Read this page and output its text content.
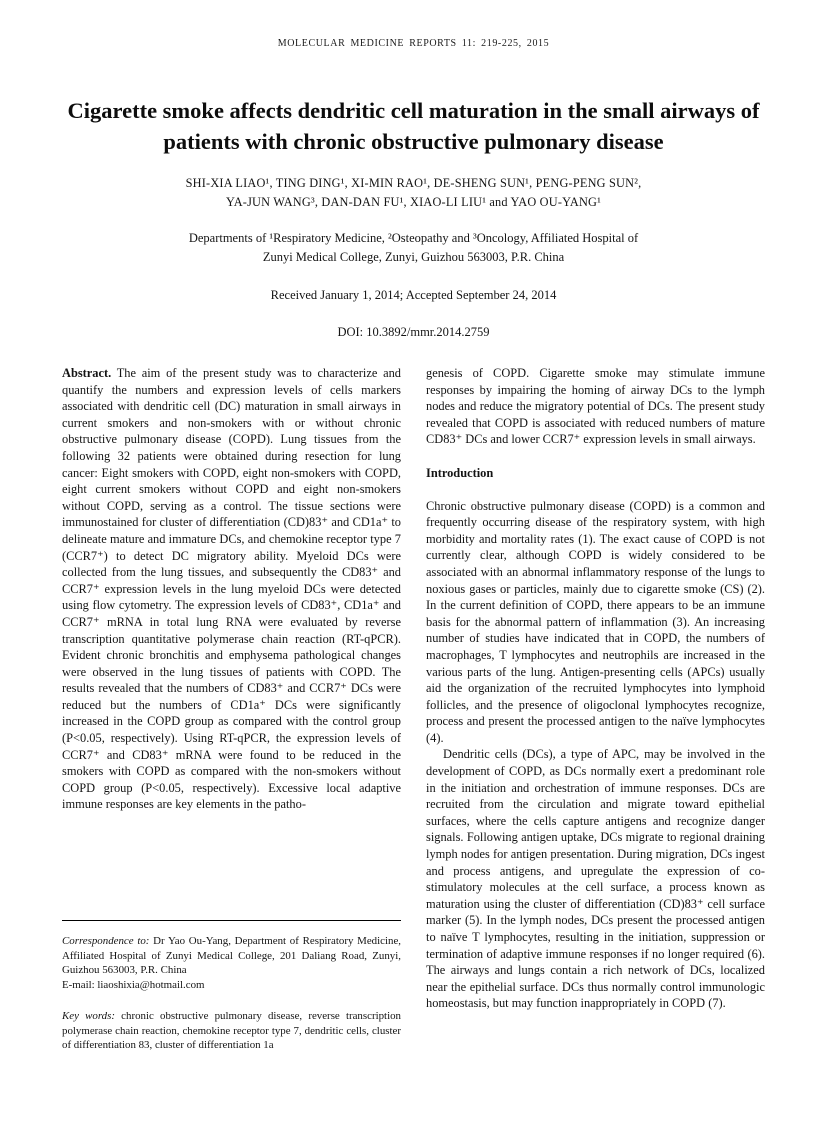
MOLECULAR MEDICINE REPORTS 11: 219-225, 2015
Cigarette smoke affects dendritic cell maturation in the small airways of patients with chronic obstructive pulmonary disease
SHI-XIA LIAO¹, TING DING¹, XI-MIN RAO¹, DE-SHENG SUN¹, PENG-PENG SUN²,
YA-JUN WANG³, DAN-DAN FU¹, XIAO-LI LIU¹ and YAO OU-YANG¹
Departments of ¹Respiratory Medicine, ²Osteopathy and ³Oncology, Affiliated Hospital of
Zunyi Medical College, Zunyi, Guizhou 563003, P.R. China
Received January 1, 2014; Accepted September 24, 2014
DOI: 10.3892/mmr.2014.2759

Abstract. The aim of the present study was to characterize and quantify the numbers and expression levels of cells markers associated with dendritic cell (DC) maturation in small airways in current smokers and non-smokers with or without chronic obstructive pulmonary disease (COPD). Lung tissues from the following 32 patients were obtained during resection for lung cancer: Eight smokers with COPD, eight non-smokers with COPD, eight current smokers without COPD and eight non-smokers without COPD, serving as a control. The tissue sections were immunostained for cluster of differentiation (CD)83⁺ and CD1a⁺ to delineate mature and immature DCs, and chemokine receptor type 7 (CCR7⁺) to detect DC migratory ability. Myeloid DCs were collected from the lung tissues, and subsequently the CD83⁺ and CCR7⁺ expression levels in the lung myeloid DCs were detected using flow cytometry. The expression levels of CD83⁺, CD1a⁺ and CCR7⁺ mRNA in total lung RNA were evaluated by reverse transcription quantitative polymerase chain reaction (RT-qPCR). Evident chronic bronchitis and emphysema pathological changes were observed in the lung tissues of patients with COPD. The results revealed that the numbers of CD83⁺ and CCR7⁺ DCs were reduced but the numbers of CD1a⁺ DCs were significantly increased in the COPD group as compared with the control group (P<0.05, respectively). Using RT-qPCR, the expression levels of CCR7⁺ and CD83⁺ mRNA were found to be reduced in the smokers with COPD as compared with the non-smokers without COPD group (P<0.05, respectively). Excessive local adaptive immune responses are key elements in the patho-

Correspondence to: Dr Yao Ou-Yang, Department of Respiratory Medicine, Affiliated Hospital of Zunyi Medical College, 201 Daliang Road, Zunyi, Guizhou 563003, P.R. China

E-mail: liaoshixia@hotmail.com

Key words: chronic obstructive pulmonary disease, reverse transcription polymerase chain reaction, chemokine receptor type 7, dendritic cells, cluster of differentiation 83, cluster of differentiation 1a

genesis of COPD. Cigarette smoke may stimulate immune responses by impairing the homing of airway DCs to the lymph nodes and reduce the migratory potential of DCs. The present study revealed that COPD is associated with reduced numbers of mature CD83⁺ DCs and lower CCR7⁺ expression levels in small airways.

Introduction

Chronic obstructive pulmonary disease (COPD) is a common and frequently occurring disease of the respiratory system, with high morbidity and mortality rates (1). The exact cause of COPD is not currently clear, although COPD is widely considered to be associated with an abnormal inflammatory response of the lungs to noxious gases or particles, mainly due to cigarette smoke (CS) (2). In the current definition of COPD, there appears to be an immune basis for the abnormal pattern of inflammation (3). An increasing number of studies have indicated that in COPD, the numbers of macrophages, T lymphocytes and neutrophils are increased in the various parts of the lung. Antigen-presenting cells (APCs) usually aid the organization of the recruited lymphocytes into lymphoid follicles, and the presence of oligoclonal lymphocytes recognize, process and present the processed antigen to the naïve lymphocytes (4).

Dendritic cells (DCs), a type of APC, may be involved in the development of COPD, as DCs normally exert a predominant role in the initiation and orchestration of immune responses. DCs are recruited from the circulation and migrate toward epithelial surfaces, where the cells capture antigens and recognize danger signals. Following antigen uptake, DCs migrate to regional draining lymph nodes for antigen presentation. During migration, DCs ingest and process antigens, and upregulate the expression of co-stimulatory molecules at the cell surface, a process known as maturation using the cluster of differentiation (CD)83⁺ cell surface marker (5). In the lymph nodes, DCs present the processed antigen to naïve T lymphocytes, resulting in the initiation, suppression or termination of adaptive immune responses if no longer required (6). The airways and lungs contain a rich network of DCs, localized near the epithelial surface. DCs thus normally control immunologic homeostasis, but may function inappropriately in COPD (7).
